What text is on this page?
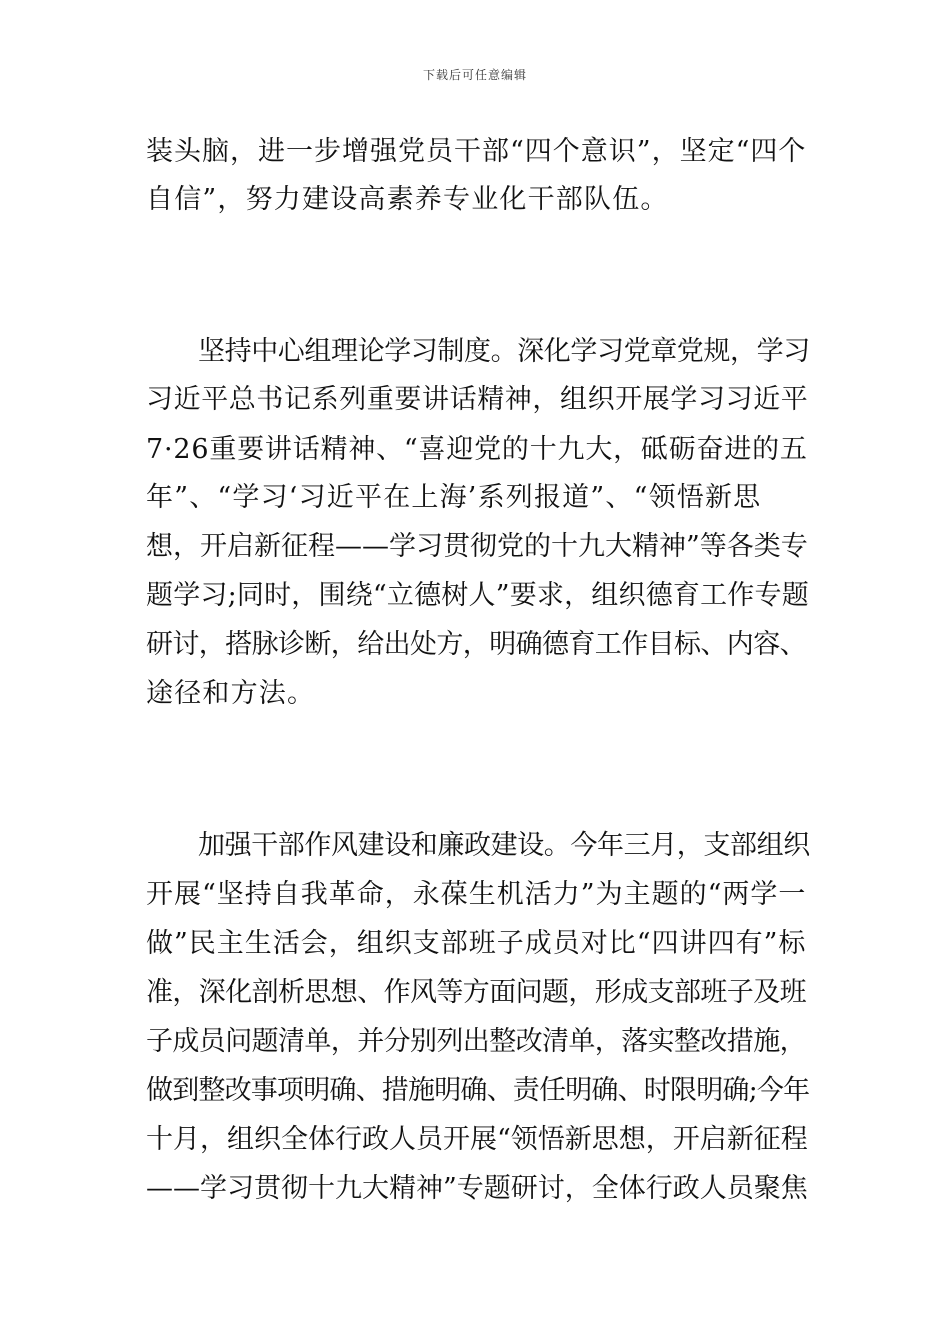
下载后可任意编辑
装头脑，进一步增强党员干部“四个意识”，坚定“四个
自信”，努力建设高素养专业化干部队伍。
坚持中心组理论学习制度。深化学习党章党规，学习
习近平总书记系列重要讲话精神，组织开展学习习近平
7·26重要讲话精神、“喜迎党的十九大，砥砺奋进的五
年”、“学习‘习近平在上海’系列报道”、“领悟新思
想，开启新征程——学习贯彻党的十九大精神”等各类专
题学习;同时，围绕“立德树人”要求，组织德育工作专题
研讨，搭脉诊断，给出处方，明确德育工作目标、内容、
途径和方法。
加强干部作风建设和廉政建设。今年三月，支部组织
开展“坚持自我革命，永葆生机活力”为主题的“两学一
做”民主生活会，组织支部班子成员对比“四讲四有”标
准，深化剖析思想、作风等方面问题，形成支部班子及班
子成员问题清单，并分别列出整改清单，落实整改措施，
做到整改事项明确、措施明确、责任明确、时限明确;今年
十月，组织全体行政人员开展“领悟新思想，开启新征程
——学习贯彻十九大精神”专题研讨，全体行政人员聚焦
